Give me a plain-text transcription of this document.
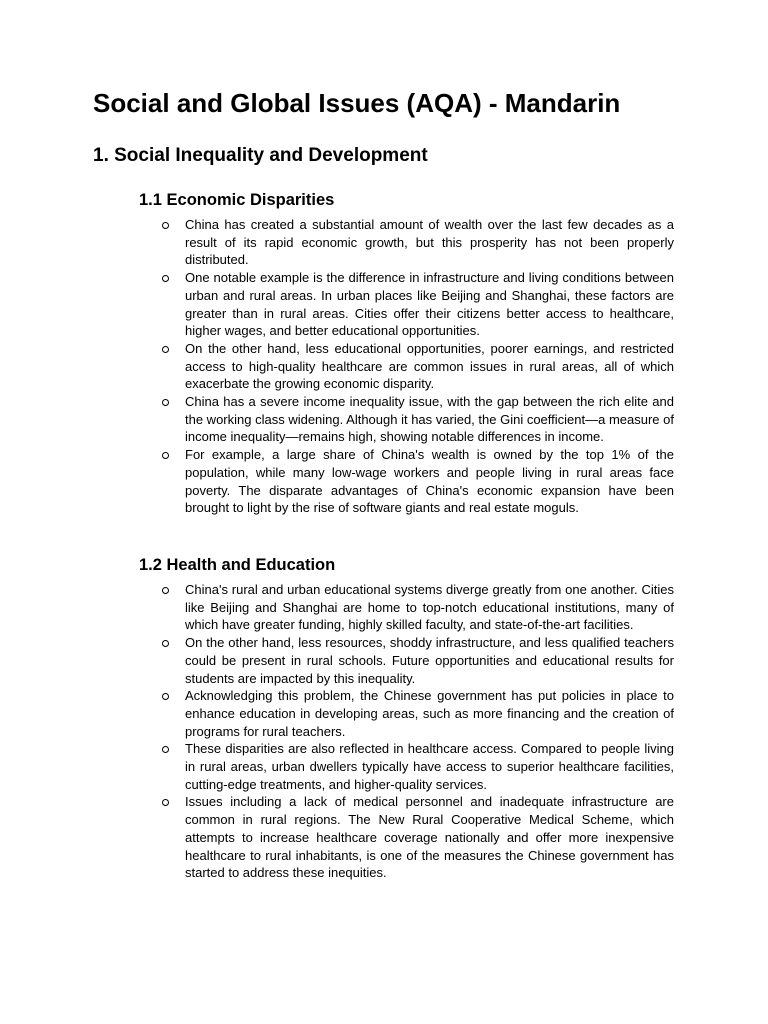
Social and Global Issues (AQA) - Mandarin
1. Social Inequality and Development
1.1 Economic Disparities
China has created a substantial amount of wealth over the last few decades as a result of its rapid economic growth, but this prosperity has not been properly distributed.
One notable example is the difference in infrastructure and living conditions between urban and rural areas. In urban places like Beijing and Shanghai, these factors are greater than in rural areas. Cities offer their citizens better access to healthcare, higher wages, and better educational opportunities.
On the other hand, less educational opportunities, poorer earnings, and restricted access to high-quality healthcare are common issues in rural areas, all of which exacerbate the growing economic disparity.
China has a severe income inequality issue, with the gap between the rich elite and the working class widening. Although it has varied, the Gini coefficient—a measure of income inequality—remains high, showing notable differences in income.
For example, a large share of China's wealth is owned by the top 1% of the population, while many low-wage workers and people living in rural areas face poverty. The disparate advantages of China's economic expansion have been brought to light by the rise of software giants and real estate moguls.
1.2 Health and Education
China's rural and urban educational systems diverge greatly from one another. Cities like Beijing and Shanghai are home to top-notch educational institutions, many of which have greater funding, highly skilled faculty, and state-of-the-art facilities.
On the other hand, less resources, shoddy infrastructure, and less qualified teachers could be present in rural schools. Future opportunities and educational results for students are impacted by this inequality.
Acknowledging this problem, the Chinese government has put policies in place to enhance education in developing areas, such as more financing and the creation of programs for rural teachers.
These disparities are also reflected in healthcare access. Compared to people living in rural areas, urban dwellers typically have access to superior healthcare facilities, cutting-edge treatments, and higher-quality services.
Issues including a lack of medical personnel and inadequate infrastructure are common in rural regions. The New Rural Cooperative Medical Scheme, which attempts to increase healthcare coverage nationally and offer more inexpensive healthcare to rural inhabitants, is one of the measures the Chinese government has started to address these inequities.
